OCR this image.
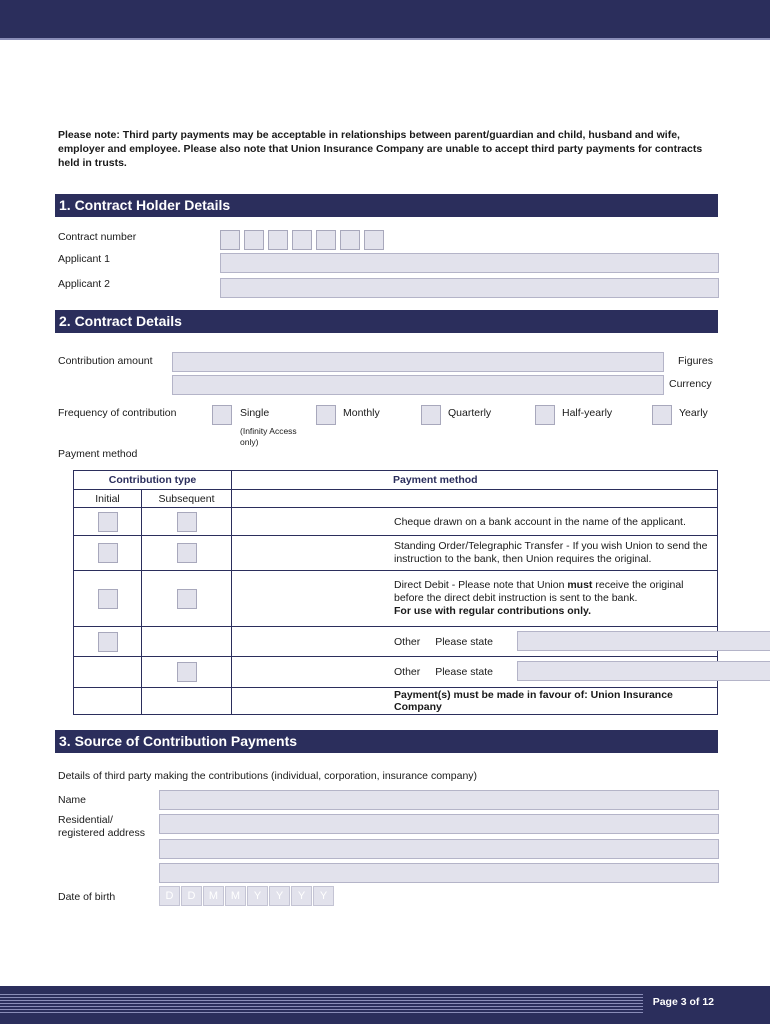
Please note: Third party payments may be acceptable in relationships between parent/guardian and child, husband and wife, employer and employee. Please also note that Union Insurance Company are unable to accept third party payments for contracts held in trusts.
1. Contract Holder Details
Contract number
Applicant 1
Applicant 2
2. Contract Details
Contribution amount	Figures
Currency
Frequency of contribution	Single
(Infinity Access only)
Monthly	Quarterly	Half-yearly	Yearly
Payment method
Contribution type		Payment method
Initial	Subsequent	
		Cheque drawn on a bank account in the name of the applicant.
		Standing Order/Telegraphic Transfer - If you wish Union to send the instruction to the bank, then Union requires the original.
		Direct Debit - Please note that Union must receive the original before the direct debit instruction is sent to the bank.
For use with regular contributions only.
		Other Please state

		Other Please state

		Payment(s) must be made in favour of: Union Insurance Company
3. Source of Contribution Payments
Details of third party making the contributions (individual, corporation, insurance company)
Name
Residential/
registered address
Date of birth	D	D	M	M	Y	Y	Y	Y
Page 3 of 12
